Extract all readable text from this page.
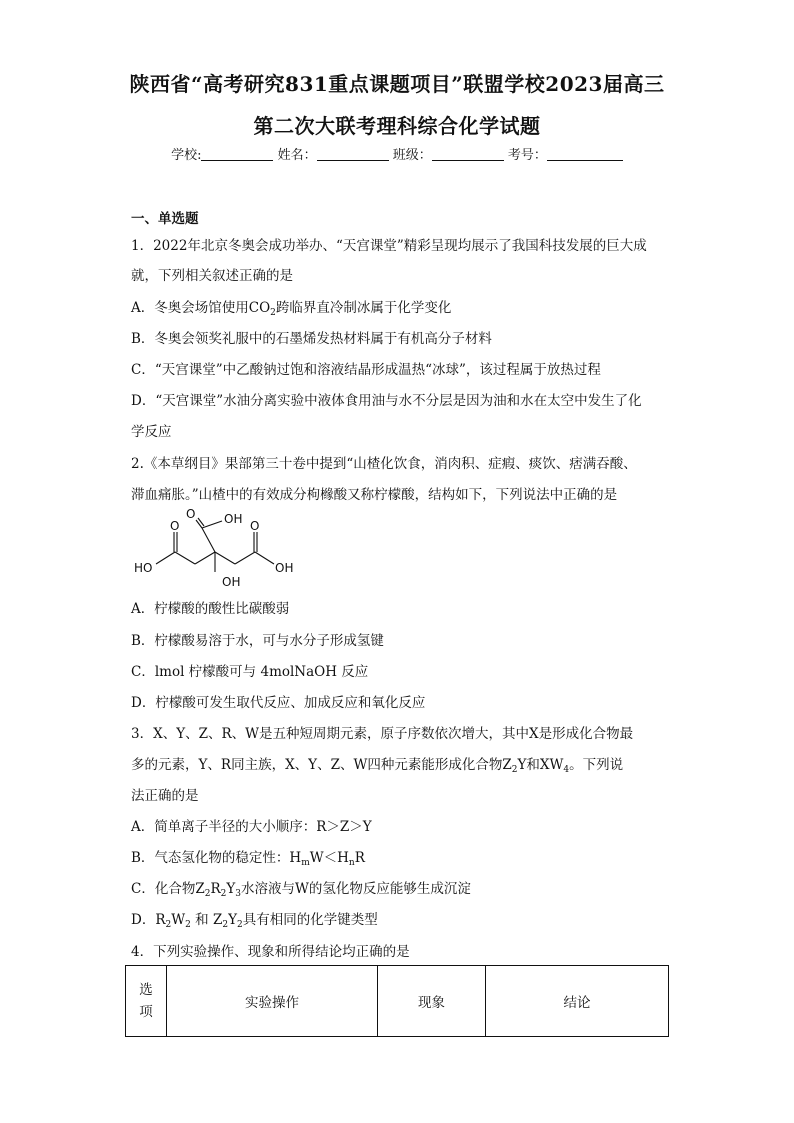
陕西省“高考研究831重点课题项目”联盟学校2023届高三
第二次大联考理科综合化学试题
学校:	姓名：	班级：	考号：
一、单选题
1．2022年北京冬奥会成功举办、“天宫课堂”精彩呈现均展示了我国科技发展的巨大成
就，下列相关叙述正确的是
A．冬奥会场馆使用$CO_2$跨临界直冷制冰属于化学变化
B．冬奥会领奖礼服中的石墨烯发热材料属于有机高分子材料
C．“天宫课堂”中乙酸钠过饱和溶液结晶形成温热“冰球”，该过程属于放热过程
D．“天宫课堂”水油分离实验中液体食用油与水不分层是因为油和水在太空中发生了化
学反应
2.《本草纲目》果部第三十卷中提到“山楂化饮食，消肉积、症瘕、痰饮、痞满吞酸、
滞血痛胀。”山楂中的有效成分枸橼酸又称柠檬酸，结构如下，下列说法中正确的是
O
O OH O
HO	OH
OH
A．柠檬酸的酸性比碳酸弱
B．柠檬酸易溶于水，可与水分子形成氢键
C．lmol 柠檬酸可与 4molNaOH 反应
D．柠檬酸可发生取代反应、加成反应和氧化反应
3．X、Y、Z、R、W是五种短周期元素，原子序数依次增大，其中X是形成化合物最
多的元素，Y、R同主族，X、Y、Z、W四种元素能形成化合物$Z_2Y$和$XW_4$。下列说
法正确的是
A．简单离子半径的大小顺序：R＞Z＞Y
B．气态氢化物的稳定性：$H_mW<H_nR$
C．化合物$Z_2R_2Y_3$水溶液与W的氢化物反应能够生成沉淀
D．$R_2W_2$ 和 $Z_2Y_2$具有相同的化学键类型
4．下列实验操作、现象和所得结论均正确的是
选
项	实验操作	现象	结论
